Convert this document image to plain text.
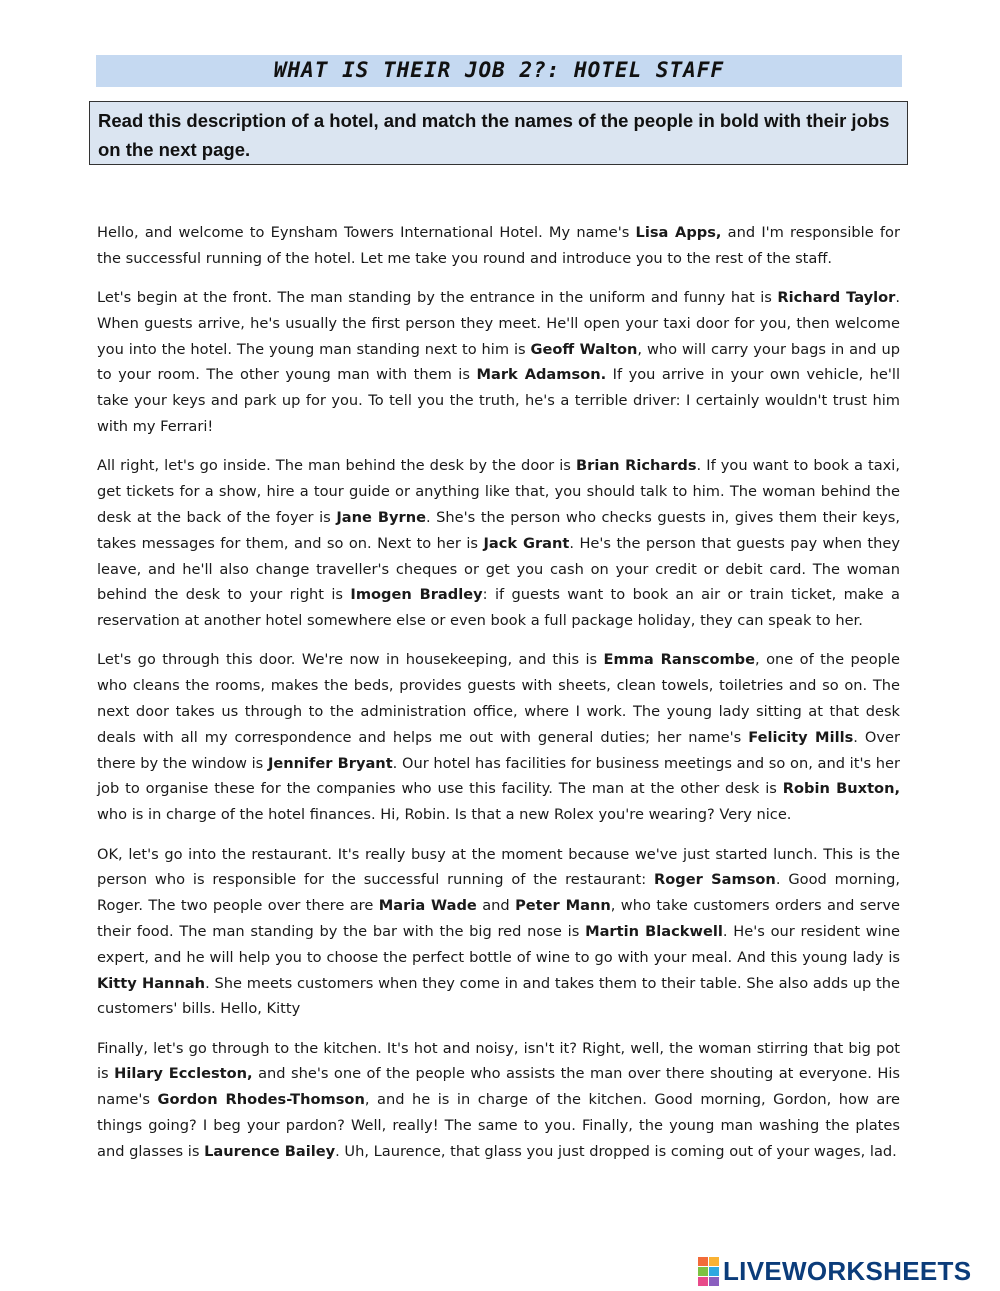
WHAT IS THEIR JOB 2?: HOTEL STAFF
Read this description of a hotel, and match the names of the people in bold with their jobs on the next page.

Hello, and welcome to Eynsham Towers International Hotel. My name's Lisa Apps, and I'm responsible for the successful running of the hotel. Let me take you round and introduce you to the rest of the staff.

Let's begin at the front. The man standing by the entrance in the uniform and funny hat is Richard Taylor. When guests arrive, he's usually the first person they meet. He'll open your taxi door for you, then welcome you into the hotel. The young man standing next to him is Geoff Walton, who will carry your bags in and up to your room. The other young man with them is Mark Adamson. If you arrive in your own vehicle, he'll take your keys and park up for you. To tell you the truth, he's a terrible driver: I certainly wouldn't trust him with my Ferrari!

All right, let's go inside. The man behind the desk by the door is Brian Richards. If you want to book a taxi, get tickets for a show, hire a tour guide or anything like that, you should talk to him. The woman behind the desk at the back of the foyer is Jane Byrne. She's the person who checks guests in, gives them their keys, takes messages for them, and so on. Next to her is Jack Grant. He's the person that guests pay when they leave, and he'll also change traveller's cheques or get you cash on your credit or debit card. The woman behind the desk to your right is Imogen Bradley: if guests want to book an air or train ticket, make a reservation at another hotel somewhere else or even book a full package holiday, they can speak to her.

Let's go through this door. We're now in housekeeping, and this is Emma Ranscombe, one of the people who cleans the rooms, makes the beds, provides guests with sheets, clean towels, toiletries and so on. The next door takes us through to the administration office, where I work. The young lady sitting at that desk deals with all my correspondence and helps me out with general duties; her name's Felicity Mills. Over there by the window is Jennifer Bryant. Our hotel has facilities for business meetings and so on, and it's her job to organise these for the companies who use this facility. The man at the other desk is Robin Buxton, who is in charge of the hotel finances. Hi, Robin. Is that a new Rolex you're wearing? Very nice.

OK, let's go into the restaurant. It's really busy at the moment because we've just started lunch. This is the person who is responsible for the successful running of the restaurant: Roger Samson. Good morning, Roger. The two people over there are Maria Wade and Peter Mann, who take customers orders and serve their food. The man standing by the bar with the big red nose is Martin Blackwell. He's our resident wine expert, and he will help you to choose the perfect bottle of wine to go with your meal. And this young lady is Kitty Hannah. She meets customers when they come in and takes them to their table. She also adds up the customers' bills. Hello, Kitty

Finally, let's go through to the kitchen. It's hot and noisy, isn't it? Right, well, the woman stirring that big pot is Hilary Eccleston, and she's one of the people who assists the man over there shouting at everyone. His name's Gordon Rhodes-Thomson, and he is in charge of the kitchen. Good morning, Gordon, how are things going? I beg your pardon? Well, really! The same to you. Finally, the young man washing the plates and glasses is Laurence Bailey. Uh, Laurence, that glass you just dropped is coming out of your wages, lad.

LIVEWORKSHEETS
